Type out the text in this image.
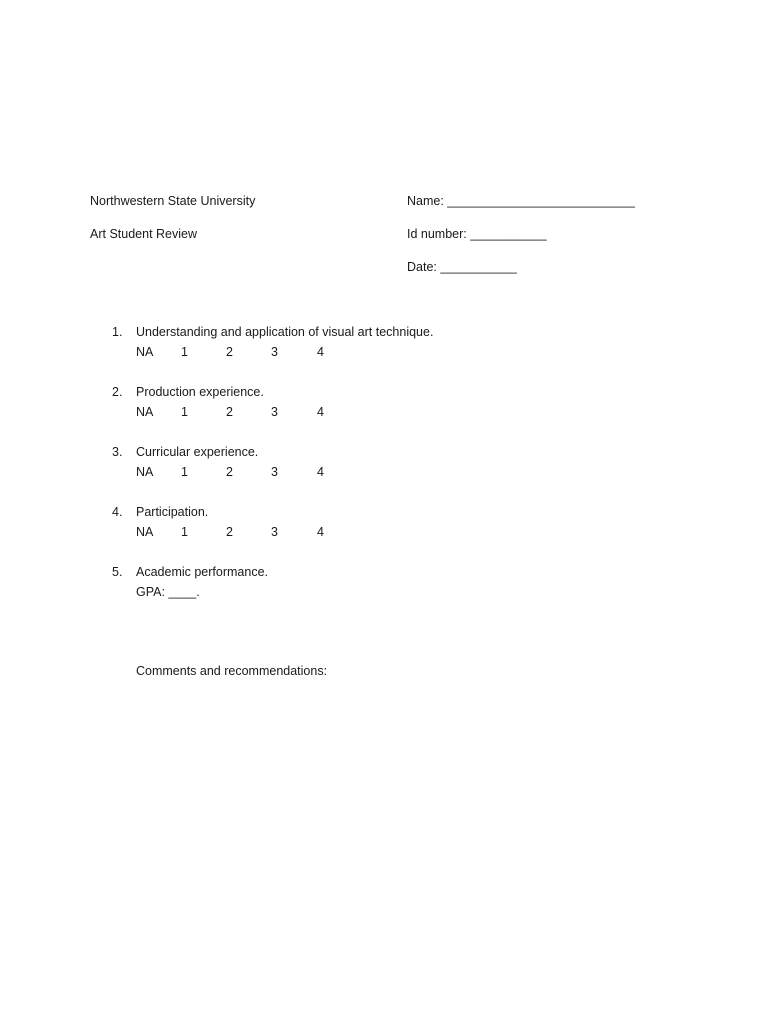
Northwestern State University
Art Student Review
Name: ___________________________
Id number: ___________
Date: ___________
1. Understanding and application of visual art technique.
NA 1	2	3	4
2. Production experience.
NA 1	2	3	4
3. Curricular experience.
NA 1	2	3	4
4. Participation.
NA 1	2	3	4
5. Academic performance.
GPA: ____.
Comments and recommendations:
